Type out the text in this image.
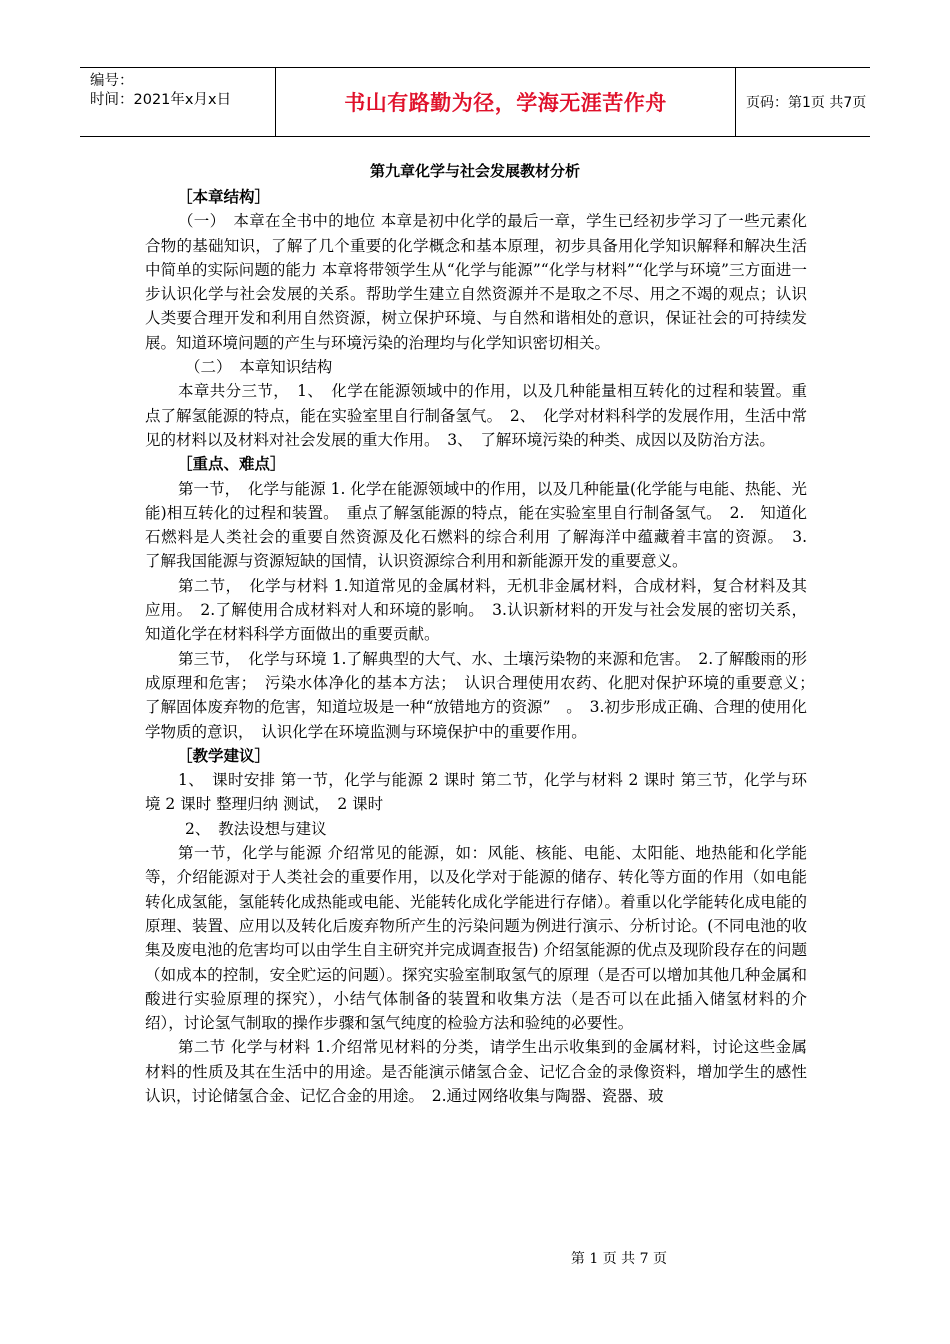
编号：
时间：2021年x月x日	书山有路勤为径，学海无涯苦作舟	页码：第1页 共7页
第九章化学与社会发展教材分析

［本章结构］

（一）　本章在全书中的地位 本章是初中化学的最后一章，学生已经初步学习了一些元素化合物的基础知识，了解了几个重要的化学概念和基本原理，初步具备用化学知识解释和解决生活中简单的实际问题的能力 本章将带领学生从“化学与能源”“化学与材料”“化学与环境”三方面进一步认识化学与社会发展的关系。帮助学生建立自然资源并不是取之不尽、用之不竭的观点；认识人类要合理开发和利用自然资源，树立保护环境、与自然和谐相处的意识，保证社会的可持续发展。知道环境问题的产生与环境污染的治理均与化学知识密切相关。

（二）　本章知识结构

本章共分三节，　1、　化学在能源领域中的作用，以及几种能量相互转化的过程和装置。重点了解氢能源的特点，能在实验室里自行制备氢气。　2、　化学对材料科学的发展作用，生活中常见的材料以及材料对社会发展的重大作用。　3、　了解环境污染的种类、成因以及防治方法。

［重点、难点］

第一节，　化学与能源 1. 化学在能源领域中的作用，以及几种能量(化学能与电能、热能、光能)相互转化的过程和装置。　重点了解氢能源的特点，能在实验室里自行制备氢气。　2.　知道化石燃料是人类社会的重要自然资源及化石燃料的综合利用 了解海洋中蕴藏着丰富的资源。　3.　了解我国能源与资源短缺的国情，认识资源综合利用和新能源开发的重要意义。

第二节，　化学与材料 1.知道常见的金属材料，无机非金属材料，合成材料，复合材料及其应用。　2.了解使用合成材料对人和环境的影响。　3.认识新材料的开发与社会发展的密切关系，知道化学在材料科学方面做出的重要贡献。

第三节，　化学与环境 1.了解典型的大气、水、土壤污染物的来源和危害。　2.了解酸雨的形成原理和危害；　污染水体净化的基本方法；　认识合理使用农药、化肥对保护环境的重要意义；　了解固体废弃物的危害，知道垃圾是一种“放错地方的资源”　。　3.初步形成正确、合理的使用化学物质的意识，　认识化学在环境监测与环境保护中的重要作用。

［教学建议］

1、　课时安排 第一节，化学与能源 2 课时 第二节，化学与材料 2 课时 第三节，化学与环境 2 课时 整理归纳 测试，　2 课时

2、　教法设想与建议

第一节，化学与能源 介绍常见的能源，如：风能、核能、电能、太阳能、地热能和化学能等，介绍能源对于人类社会的重要作用，以及化学对于能源的储存、转化等方面的作用（如电能转化成氢能，氢能转化成热能或电能、光能转化成化学能进行存储）。着重以化学能转化成电能的原理、装置、应用以及转化后废弃物所产生的污染问题为例进行演示、分析讨论。(不同电池的收集及废电池的危害均可以由学生自主研究并完成调查报告) 介绍氢能源的优点及现阶段存在的问题（如成本的控制，安全贮运的问题）。探究实验室制取氢气的原理（是否可以增加其他几种金属和酸进行实验原理的探究），小结气体制备的装置和收集方法（是否可以在此插入储氢材料的介绍），讨论氢气制取的操作步骤和氢气纯度的检验方法和验纯的必要性。

第二节 化学与材料 1.介绍常见材料的分类，请学生出示收集到的金属材料，讨论这些金属材料的性质及其在生活中的用途。是否能演示储氢合金、记忆合金的录像资料，增加学生的感性认识，讨论储氢合金、记忆合金的用途。　2.通过网络收集与陶器、瓷器、玻

第 1 页 共 7 页
